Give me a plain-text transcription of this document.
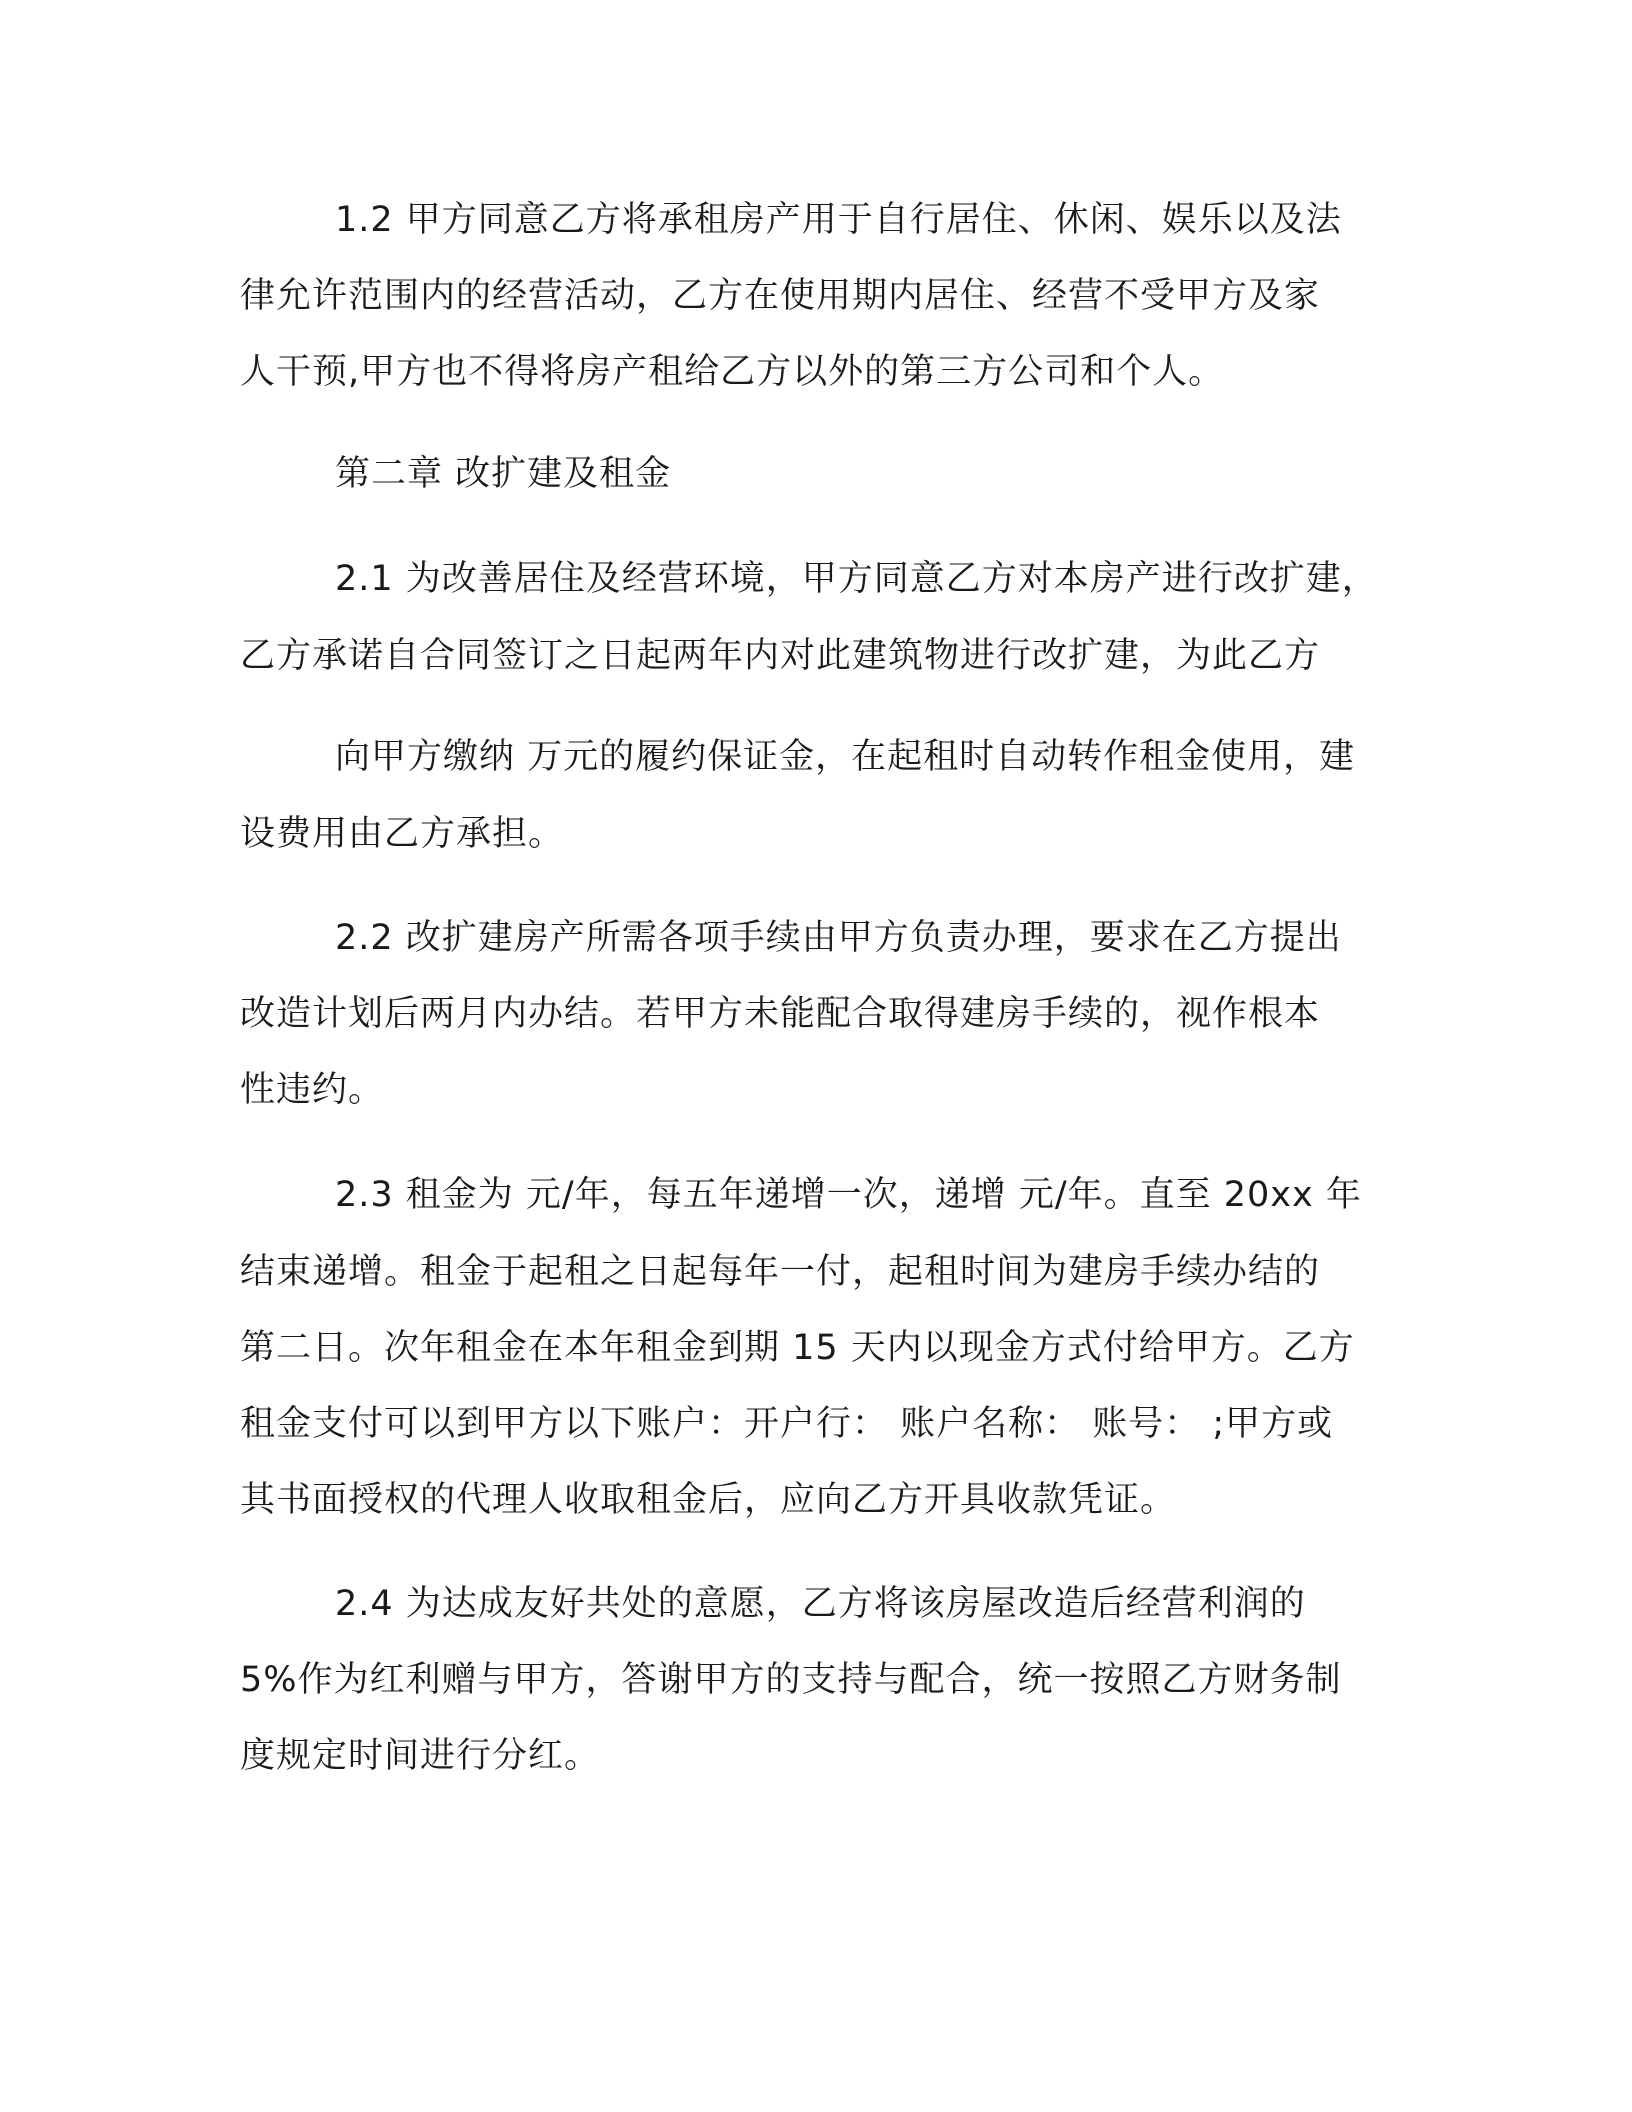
1.2 甲方同意乙方将承租房产用于自行居住、休闲、娱乐以及法
律允许范围内的经营活动，乙方在使用期内居住、经营不受甲方及家
人干预,甲方也不得将房产租给乙方以外的第三方公司和个人。
第二章 改扩建及租金
2.1 为改善居住及经营环境，甲方同意乙方对本房产进行改扩建，
乙方承诺自合同签订之日起两年内对此建筑物进行改扩建，为此乙方
向甲方缴纳 万元的履约保证金，在起租时自动转作租金使用，建
设费用由乙方承担。
2.2 改扩建房产所需各项手续由甲方负责办理，要求在乙方提出
改造计划后两月内办结。若甲方未能配合取得建房手续的，视作根本
性违约。
2.3 租金为 元/年，每五年递增一次，递增 元/年。直至 20xx 年
结束递增。租金于起租之日起每年一付，起租时间为建房手续办结的
第二日。次年租金在本年租金到期 15 天内以现金方式付给甲方。乙方
租金支付可以到甲方以下账户：开户行： 账户名称： 账号： ;甲方或
其书面授权的代理人收取租金后，应向乙方开具收款凭证。
2.4 为达成友好共处的意愿，乙方将该房屋改造后经营利润的
5%作为红利赠与甲方，答谢甲方的支持与配合，统一按照乙方财务制
度规定时间进行分红。
